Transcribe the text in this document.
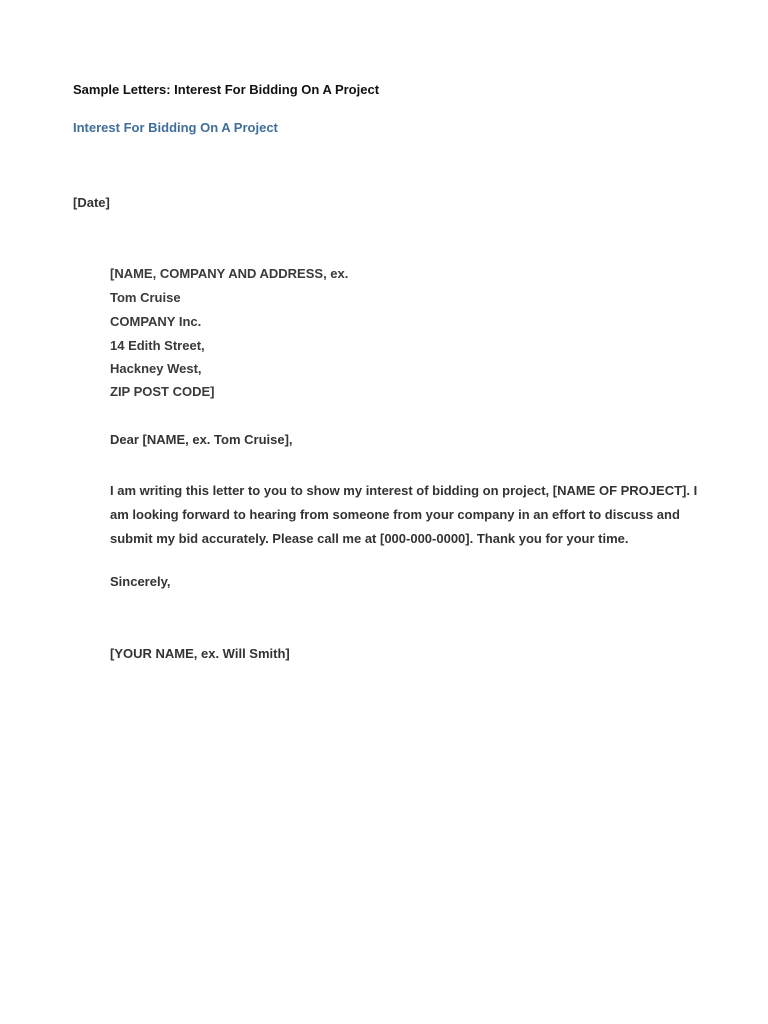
Sample Letters: Interest For Bidding On A Project
Interest For Bidding On A Project
[Date]
[NAME, COMPANY AND ADDRESS, ex.
Tom Cruise
COMPANY Inc.
14 Edith Street,
Hackney West,
ZIP POST CODE]
Dear [NAME, ex. Tom Cruise],
I am writing this letter to you to show my interest of bidding on project, [NAME OF PROJECT]. I
am looking forward to hearing from someone from your company in an effort to discuss and
submit my bid accurately. Please call me at [000-000-0000]. Thank you for your time.
Sincerely,
[YOUR NAME, ex. Will Smith]
